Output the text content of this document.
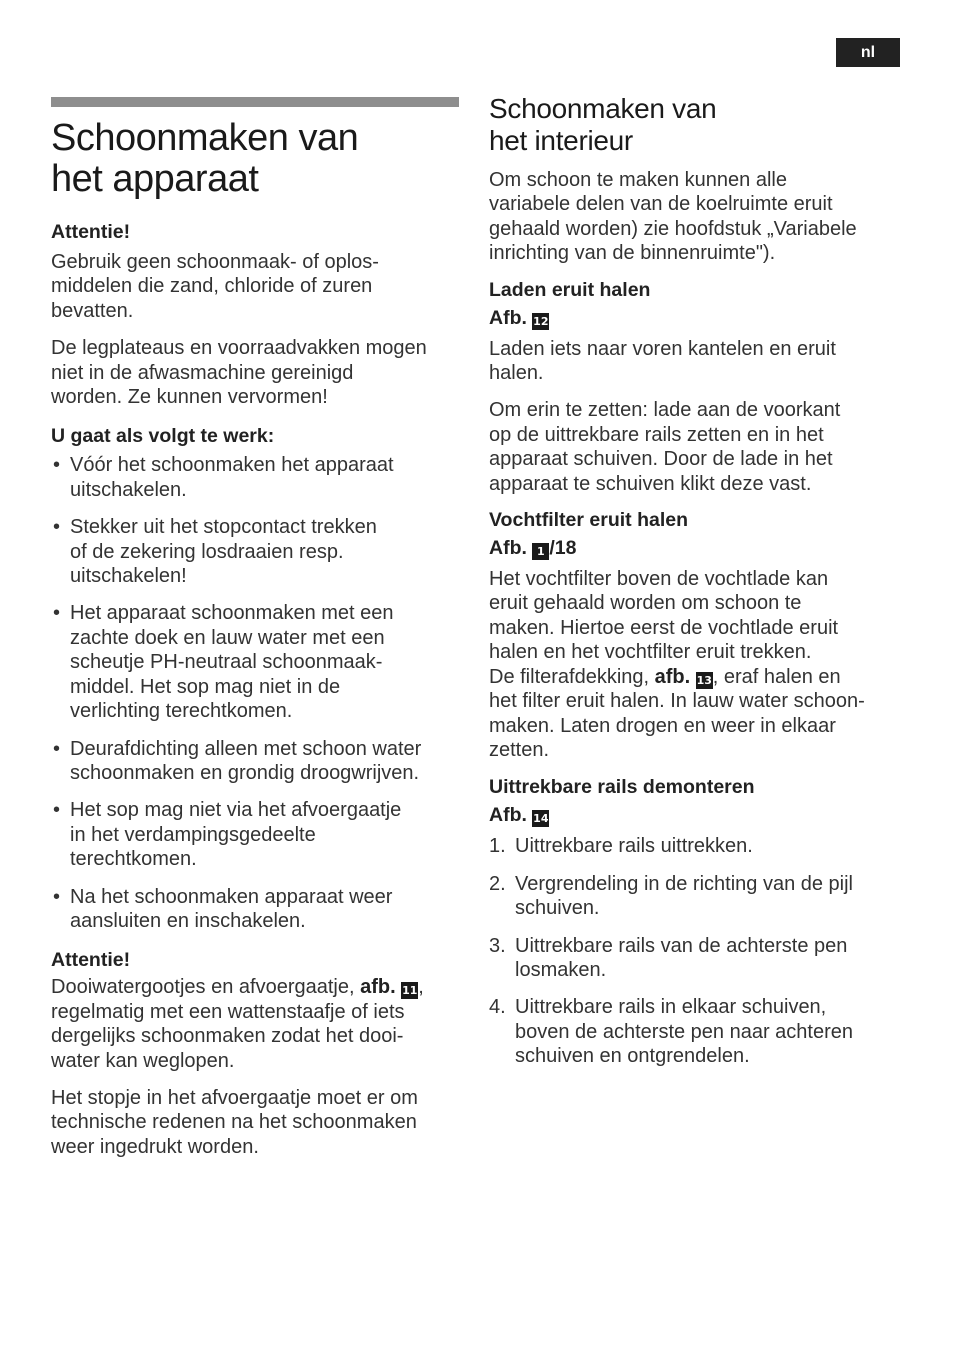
nl
Schoonmaken van
het apparaat
Attentie!

Gebruik geen schoonmaak- of oplos-
middelen die zand, chloride of zuren
bevatten.

De legplateaus en voorraadvakken mogen
niet in de afwasmachine gereinigd
worden. Ze kunnen vervormen!

U gaat als volgt te werk:
• Vóór het schoonmaken het apparaat
uitschakelen.
• Stekker uit het stopcontact trekken
of de zekering losdraaien resp.
uitschakelen!
• Het apparaat schoonmaken met een
zachte doek en lauw water met een
scheutje PH-neutraal schoonmaak-
middel. Het sop mag niet in de
verlichting terechtkomen.
• Deurafdichting alleen met schoon water
schoonmaken en grondig droogwrijven.
• Het sop mag niet via het afvoergaatje
in het verdampingsgedeelte
terechtkomen.
• Na het schoonmaken apparaat weer
aansluiten en inschakelen.
Attentie!

Dooiwatergootjes en afvoergaatje, afb. 11,
regelmatig met een wattenstaafje of iets
dergelijks schoonmaken zodat het dooi-
water kan weglopen.

Het stopje in het afvoergaatje moet er om
technische redenen na het schoonmaken
weer ingedrukt worden.

Schoonmaken van
het interieur

Om schoon te maken kunnen alle
variabele delen van de koelruimte eruit
gehaald worden) zie hoofdstuk „Variabele
inrichting van de binnenruimte").

Laden eruit halen
Afb. 12

Laden iets naar voren kantelen en eruit
halen.

Om erin te zetten: lade aan de voorkant
op de uittrekbare rails zetten en in het
apparaat schuiven. Door de lade in het
apparaat te schuiven klikt deze vast.

Vochtfilter eruit halen
Afb. 1 /18

Het vochtfilter boven de vochtlade kan
eruit gehaald worden om schoon te
maken. Hiertoe eerst de vochtlade eruit
halen en het vochtfilter eruit trekken.
De filterafdekking, afb. 13, eraf halen en
het filter eruit halen. In lauw water schoon-
maken. Laten drogen en weer in elkaar
zetten.

Uittrekbare rails demonteren
Afb. 14
1. Uittrekbare rails uittrekken.
2. Vergrendeling in de richting van de pijl
schuiven.
3. Uittrekbare rails van de achterste pen
losmaken.
4. Uittrekbare rails in elkaar schuiven,
boven de achterste pen naar achteren
schuiven en ontgrendelen.
